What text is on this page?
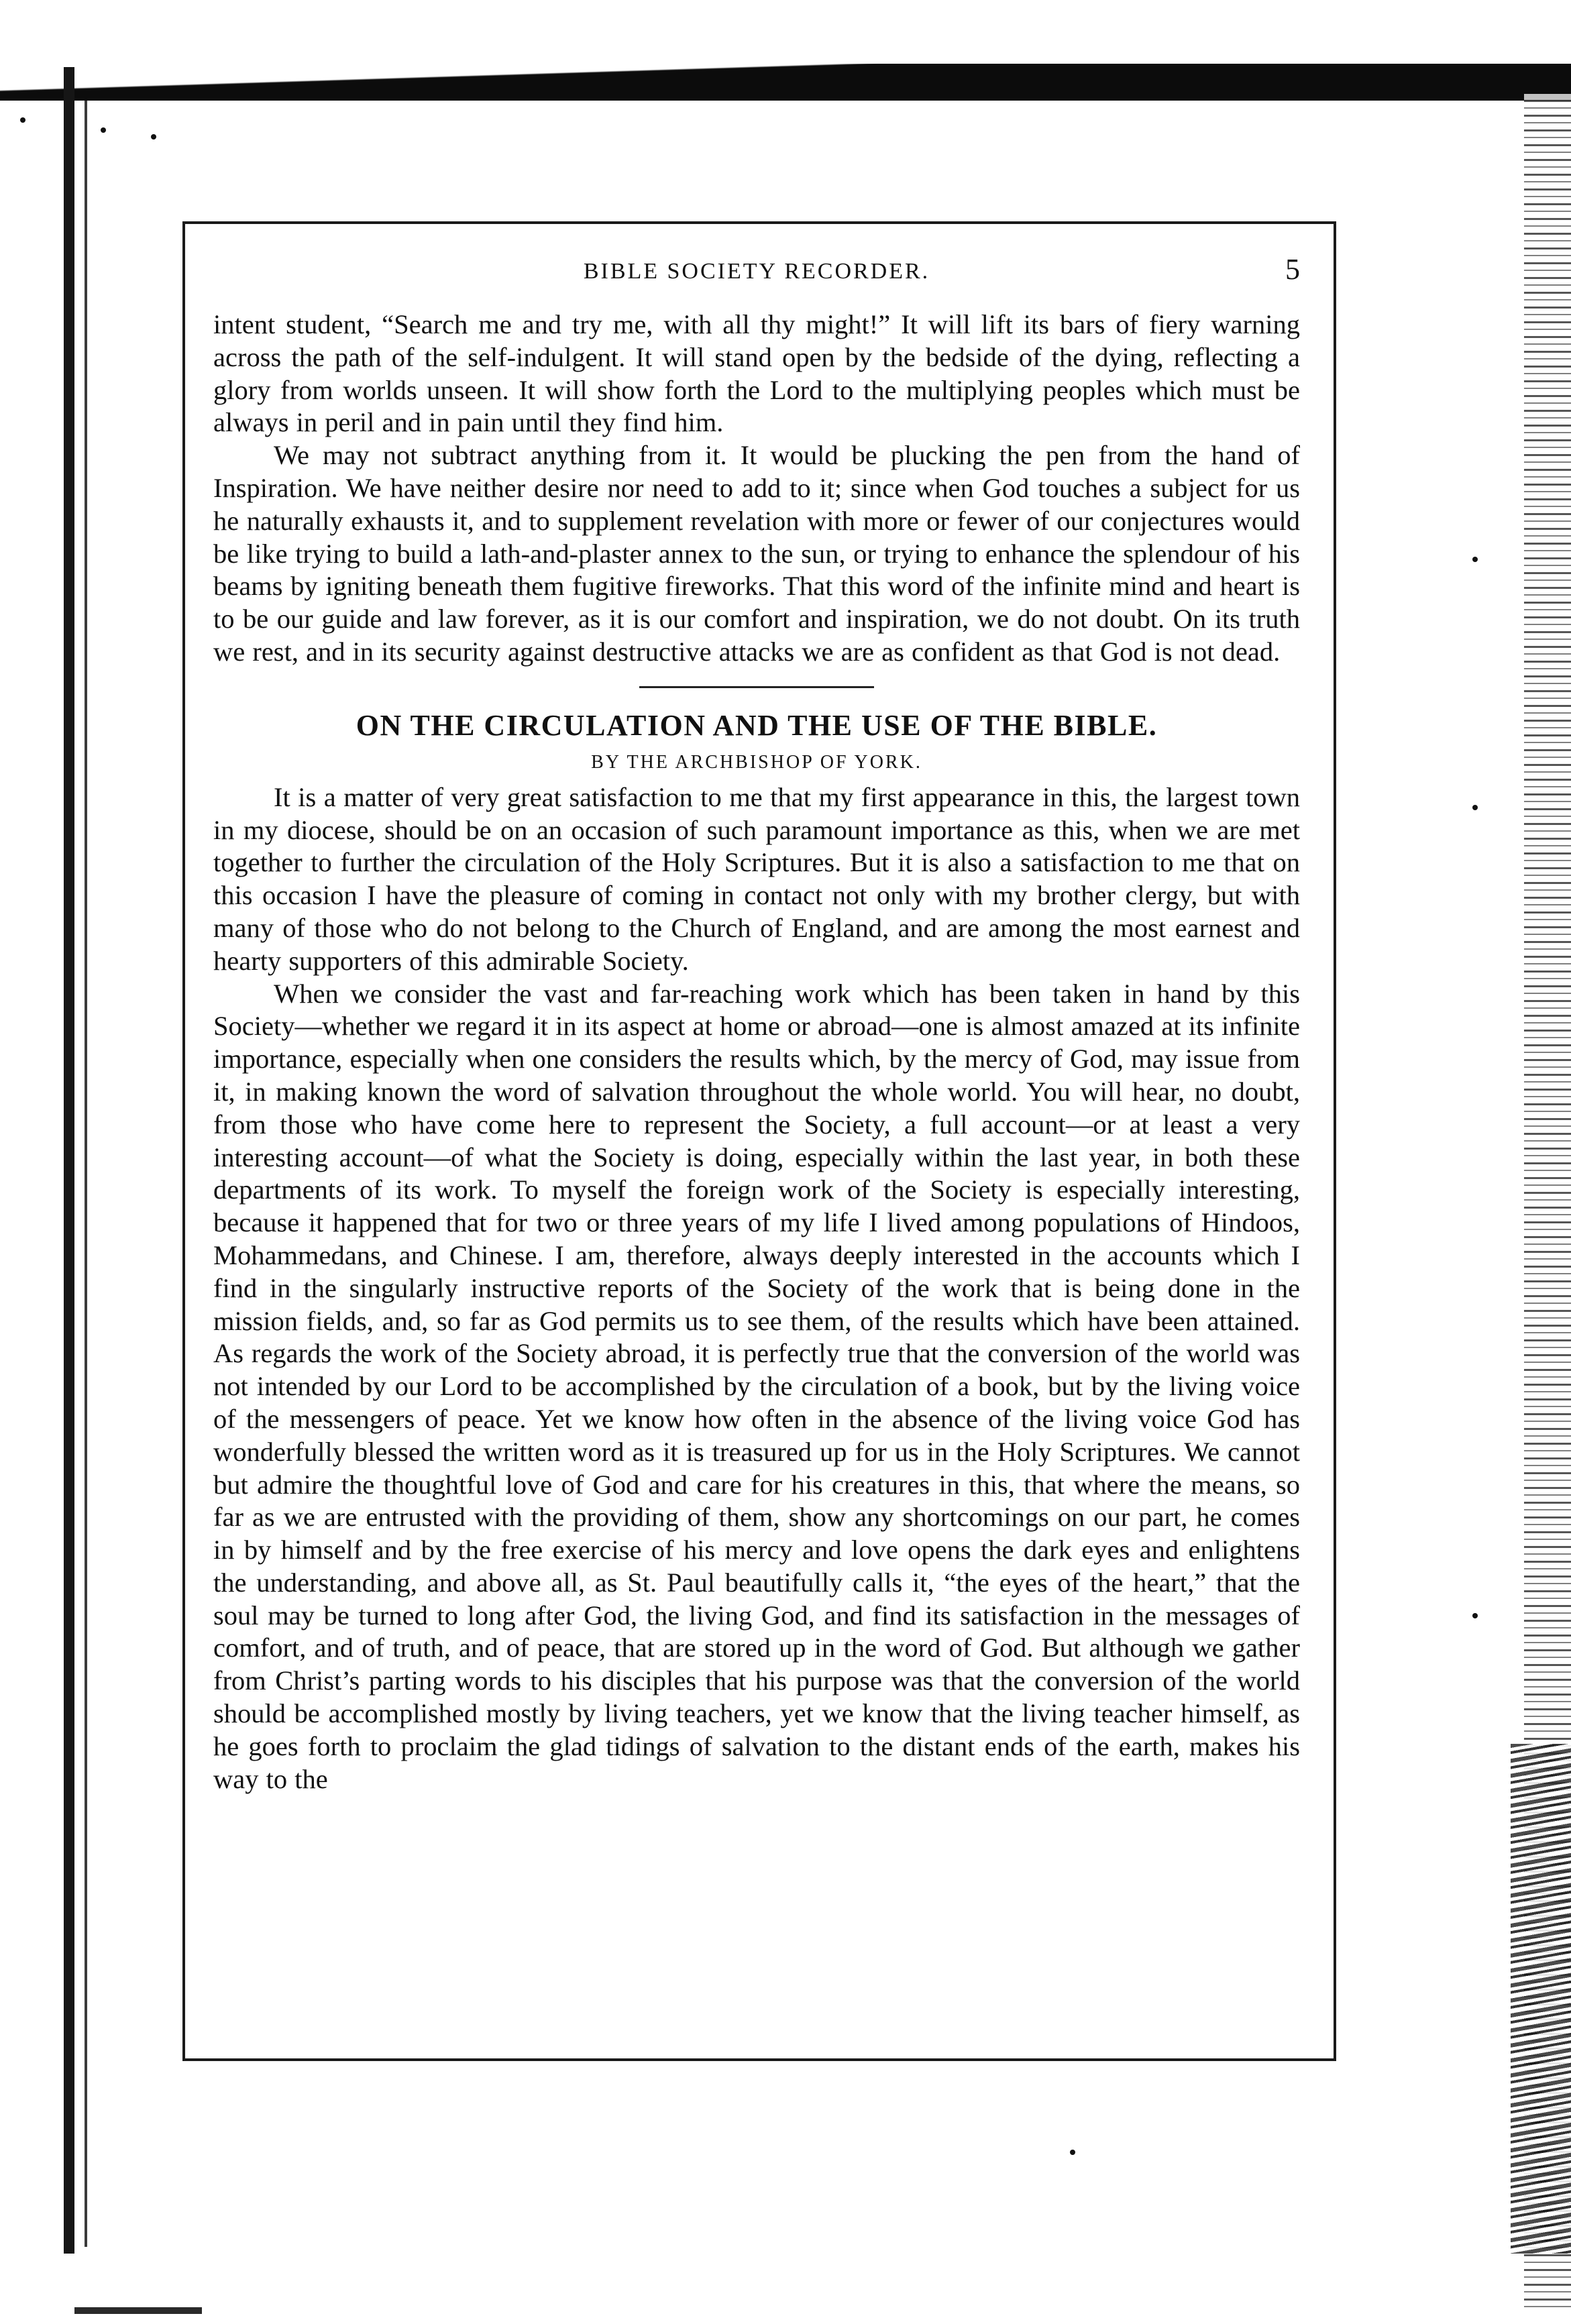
BIBLE SOCIETY RECORDER.	5

intent student, “Search me and try me, with all thy might!” It will lift its bars of fiery warning across the path of the self-indulgent. It will stand open by the bedside of the dying, reflecting a glory from worlds unseen. It will show forth the Lord to the multiplying peoples which must be always in peril and in pain until they find him.

We may not subtract anything from it. It would be plucking the pen from the hand of Inspiration. We have neither desire nor need to add to it; since when God touches a subject for us he naturally exhausts it, and to supplement revelation with more or fewer of our conjectures would be like trying to build a lath-and-plaster annex to the sun, or trying to enhance the splendour of his beams by igniting beneath them fugitive fireworks. That this word of the infinite mind and heart is to be our guide and law forever, as it is our comfort and inspiration, we do not doubt. On its truth we rest, and in its security against destructive attacks we are as confident as that God is not dead.

ON THE CIRCULATION AND THE USE OF THE BIBLE.
BY THE ARCHBISHOP OF YORK.

It is a matter of very great satisfaction to me that my first appearance in this, the largest town in my diocese, should be on an occasion of such paramount importance as this, when we are met together to further the circulation of the Holy Scriptures. But it is also a satisfaction to me that on this occasion I have the pleasure of coming in contact not only with my brother clergy, but with many of those who do not belong to the Church of England, and are among the most earnest and hearty supporters of this admirable Society.

When we consider the vast and far-reaching work which has been taken in hand by this Society—whether we regard it in its aspect at home or abroad—one is almost amazed at its infinite importance, especially when one considers the results which, by the mercy of God, may issue from it, in making known the word of salvation throughout the whole world. You will hear, no doubt, from those who have come here to represent the Society, a full account—or at least a very interesting account—of what the Society is doing, especially within the last year, in both these departments of its work. To myself the foreign work of the Society is especially interesting, because it happened that for two or three years of my life I lived among populations of Hindoos, Mohammedans, and Chinese. I am, therefore, always deeply interested in the accounts which I find in the singularly instructive reports of the Society of the work that is being done in the mission fields, and, so far as God permits us to see them, of the results which have been attained. As regards the work of the Society abroad, it is perfectly true that the conversion of the world was not intended by our Lord to be accomplished by the circulation of a book, but by the living voice of the messengers of peace. Yet we know how often in the absence of the living voice God has wonderfully blessed the written word as it is treasured up for us in the Holy Scriptures. We cannot but admire the thoughtful love of God and care for his creatures in this, that where the means, so far as we are entrusted with the providing of them, show any shortcomings on our part, he comes in by himself and by the free exercise of his mercy and love opens the dark eyes and enlightens the understanding, and above all, as St. Paul beautifully calls it, “the eyes of the heart,” that the soul may be turned to long after God, the living God, and find its satisfaction in the messages of comfort, and of truth, and of peace, that are stored up in the word of God. But although we gather from Christ’s parting words to his disciples that his purpose was that the conversion of the world should be accomplished mostly by living teachers, yet we know that the living teacher himself, as he goes forth to proclaim the glad tidings of salvation to the distant ends of the earth, makes his way to the
